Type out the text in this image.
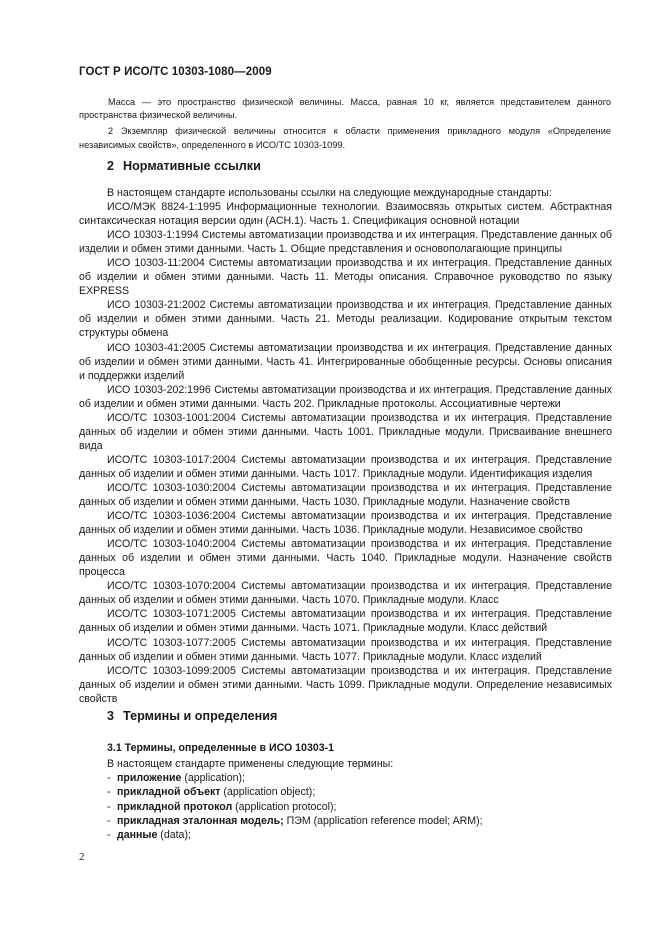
ГОСТ Р ИСО/ТС 10303-1080—2009

Масса — это пространство физической величины. Масса, равная 10 кг, является представителем данного пространства физической величины.

2 Экземпляр физической величины относится к области применения прикладного модуля «Определение независимых свойств», определенного в ИСО/ТС 10303-1099.

2 Нормативные ссылки

В настоящем стандарте использованы ссылки на следующие международные стандарты:

ИСО/МЭК 8824-1:1995 Информационные технологии. Взаимосвязь открытых систем. Абстрактная синтаксическая нотация версии один (АСН.1). Часть 1. Спецификация основной нотации

ИСО 10303-1:1994 Системы автоматизации производства и их интеграция. Представление данных об изделии и обмен этими данными. Часть 1. Общие представления и основополагающие принципы

ИСО 10303-11:2004 Системы автоматизации производства и их интеграция. Представление данных об изделии и обмен этими данными. Часть 11. Методы описания. Справочное руководство по языку EXPRESS

ИСО 10303-21:2002 Системы автоматизации производства и их интеграция. Представление данных об изделии и обмен этими данными. Часть 21. Методы реализации. Кодирование открытым текстом структуры обмена

ИСО 10303-41:2005 Системы автоматизации производства и их интеграция. Представление данных об изделии и обмен этими данными. Часть 41. Интегрированные обобщенные ресурсы. Основы описания и поддержки изделий

ИСО 10303-202:1996 Системы автоматизации производства и их интеграция. Представление данных об изделии и обмен этими данными. Часть 202. Прикладные протоколы. Ассоциативные чертежи

ИСО/ТС 10303-1001:2004 Системы автоматизации производства и их интеграция. Представление данных об изделии и обмен этими данными. Часть 1001. Прикладные модули. Присваивание внешнего вида

ИСО/ТС 10303-1017:2004 Системы автоматизации производства и их интеграция. Представление данных об изделии и обмен этими данными. Часть 1017. Прикладные модули. Идентификация изделия

ИСО/ТС 10303-1030:2004 Системы автоматизации производства и их интеграция. Представление данных об изделии и обмен этими данными. Часть 1030. Прикладные модули. Назначение свойств

ИСО/ТС 10303-1036:2004 Системы автоматизации производства и их интеграция. Представление данных об изделии и обмен этими данными. Часть 1036. Прикладные модули. Независимое свойство

ИСО/ТС 10303-1040:2004 Системы автоматизации производства и их интеграция. Представление данных об изделии и обмен этими данными. Часть 1040. Прикладные модули. Назначение свойств процесса

ИСО/ТС 10303-1070:2004 Системы автоматизации производства и их интеграция. Представление данных об изделии и обмен этими данными. Часть 1070. Прикладные модули. Класс

ИСО/ТС 10303-1071:2005 Системы автоматизации производства и их интеграция. Представление данных об изделии и обмен этими данными. Часть 1071. Прикладные модули. Класс действий

ИСО/ТС 10303-1077:2005 Системы автоматизации производства и их интеграция. Представление данных об изделии и обмен этими данными. Часть 1077. Прикладные модули. Класс изделий

ИСО/ТС 10303-1099:2005 Системы автоматизации производства и их интеграция. Представление данных об изделии и обмен этими данными. Часть 1099. Прикладные модули. Определение независимых свойств

3 Термины и определения
3.1 Термины, определенные в ИСО 10303-1
В настоящем стандарте применены следующие термины:
- приложение (application);
- прикладной объект (application object);
- прикладной протокол (application protocol);
- прикладная эталонная модель; ПЭМ (application reference model; ARM);
- данные (data);
2
